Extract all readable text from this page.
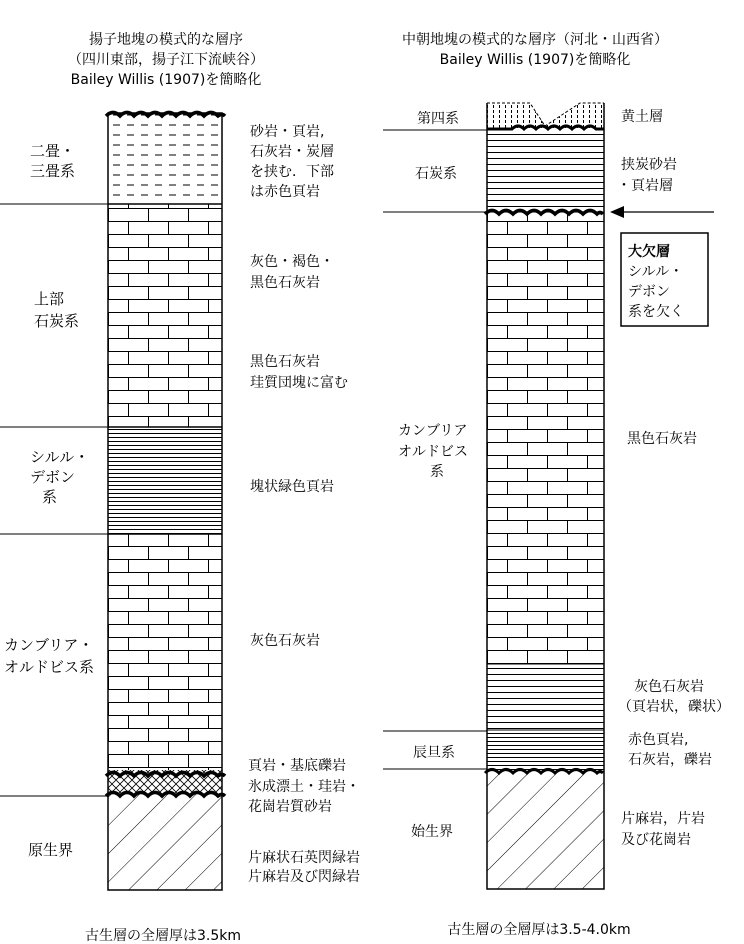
揚子地塊の模式的な層序
（四川東部，揚子江下流峡谷）
Bailey Willis (1907)を簡略化
二畳・
三畳系
上部
石炭系
シルル・
デボン
系
カンブリア・
オルドビス系
原生界
砂岩・頁岩,
石灰岩・炭層
を挟む．下部
は赤色頁岩
灰色・褐色・
黒色石灰岩
黒色石灰岩
珪質団塊に富む
塊状緑色頁岩
灰色石灰岩
頁岩・基底礫岩
氷成漂土・珪岩・
花崗岩質砂岩
片麻状石英閃緑岩
片麻岩及び閃緑岩
古生層の全層厚は3.5km
中朝地塊の模式的な層序（河北・山西省）
Bailey Willis (1907)を簡略化
第四系
石炭系
カンブリア
オルドビス
系
辰旦系
始生界
黄土層
挟炭砂岩
・頁岩層
黒色石灰岩
灰色石灰岩
（頁岩状，礫状）
赤色頁岩,
石灰岩，礫岩
片麻岩，片岩
及び花崗岩
大欠層
シルル・
デボン
系を欠く
古生層の全層厚は3.5-4.0km
